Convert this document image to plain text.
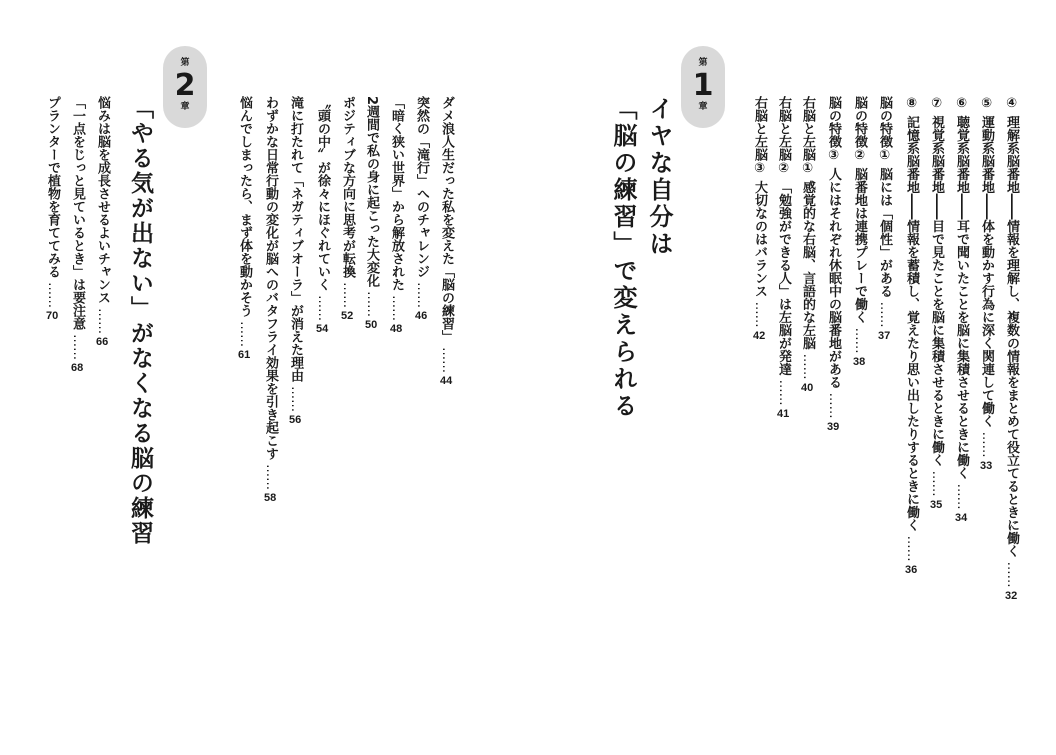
第
1
章
イヤな自分は
「脳の練習」で変えられる	④ 理解系脳番地――情報を理解し、複数の情報をまとめて役立てるときに働く ……
32
⑤ 運動系脳番地――体を動かす行為に深く関連して働く ……
33
⑥ 聴覚系脳番地――耳で聞いたことを脳に集積させるときに働く ……
34
⑦ 視覚系脳番地――目で見たことを脳に集積させるときに働く ……
35
⑧ 記憶系脳番地――情報を蓄積し、覚えたり思い出したりするときに働く ……
36
脳の特徴① 脳には「個性」がある ……
37
脳の特徴② 脳番地は連携プレーで働く ……
38
脳の特徴③ 人にはそれぞれ休眠中の脳番地がある ……
39
右脳と左脳① 感覚的な右脳、言語的な左脳 ……
40
右脳と左脳② 「勉強ができる人」は左脳が発達 ……
41
右脳と左脳③ 大切なのはバランス ……
42
第
2
章
「やる気が出ない」がなくなる脳の練習	ダメ浪人生だった私を変えた「脳の練習」 ……
44
突然の「滝行」へのチャレンジ ……
46
「暗く狭い世界」から解放された ……
48
2週間で私の身に起こった大変化 ……
50
ポジティブな方向に思考が転換 ……
52
〝頭の中〟が徐々にほぐれていく ……
54
滝に打たれて「ネガティブオーラ」が消えた理由 ……
56
わずかな日常行動の変化が脳へのバタフライ効果を引き起こす ……
58
悩んでしまったら、まず体を動かそう ……
61
悩みは脳を成長させるよいチャンス ……
66
「一点をじっと見ているとき」は要注意 ……
68
プランターで植物を育ててみる ……
70
